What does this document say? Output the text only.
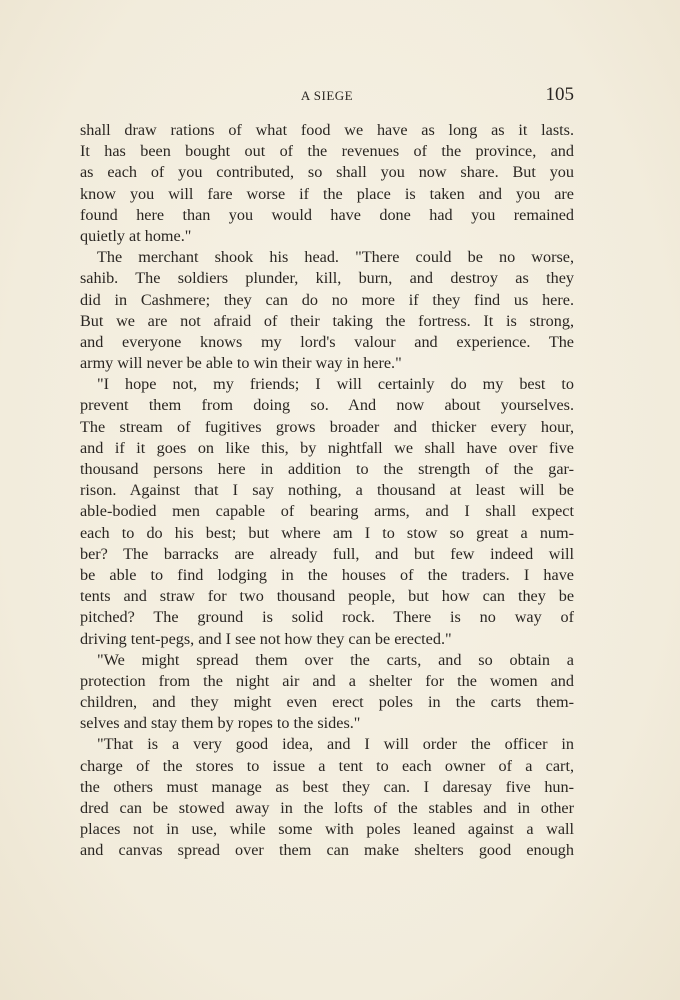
A SIEGE	105
shall draw rations of what food we have as long as it lasts.
It has been bought out of the revenues of the province, and
as each of you contributed, so shall you now share. But you
know you will fare worse if the place is taken and you are
found here than you would have done had you remained
quietly at home."
The merchant shook his head. "There could be no worse,
sahib. The soldiers plunder, kill, burn, and destroy as they
did in Cashmere; they can do no more if they find us here.
But we are not afraid of their taking the fortress. It is strong,
and everyone knows my lord's valour and experience. The
army will never be able to win their way in here."
"I hope not, my friends; I will certainly do my best to
prevent them from doing so. And now about yourselves.
The stream of fugitives grows broader and thicker every hour,
and if it goes on like this, by nightfall we shall have over five
thousand persons here in addition to the strength of the gar-
rison. Against that I say nothing, a thousand at least will be
able-bodied men capable of bearing arms, and I shall expect
each to do his best; but where am I to stow so great a num-
ber? The barracks are already full, and but few indeed will
be able to find lodging in the houses of the traders. I have
tents and straw for two thousand people, but how can they be
pitched? The ground is solid rock. There is no way of
driving tent-pegs, and I see not how they can be erected."
"We might spread them over the carts, and so obtain a
protection from the night air and a shelter for the women and
children, and they might even erect poles in the carts them-
selves and stay them by ropes to the sides."
"That is a very good idea, and I will order the officer in
charge of the stores to issue a tent to each owner of a cart,
the others must manage as best they can. I daresay five hun-
dred can be stowed away in the lofts of the stables and in other
places not in use, while some with poles leaned against a wall
and canvas spread over them can make shelters good enough
